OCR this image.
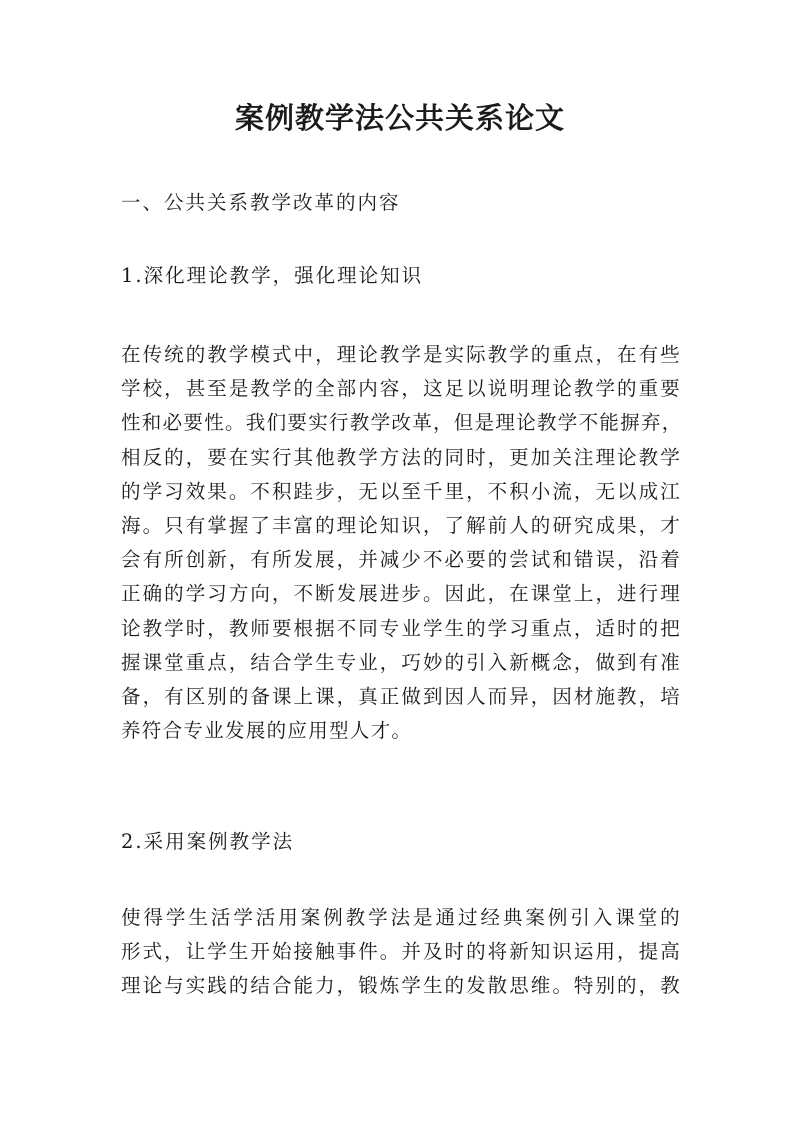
案例教学法公共关系论文
一、公共关系教学改革的内容
1.深化理论教学，强化理论知识
在传统的教学模式中，理论教学是实际教学的重点，在有些
学校，甚至是教学的全部内容，这足以说明理论教学的重要
性和必要性。我们要实行教学改革，但是理论教学不能摒弃，
相反的，要在实行其他教学方法的同时，更加关注理论教学
的学习效果。不积跬步，无以至千里，不积小流，无以成江
海。只有掌握了丰富的理论知识，了解前人的研究成果，才
会有所创新，有所发展，并减少不必要的尝试和错误，沿着
正确的学习方向，不断发展进步。因此，在课堂上，进行理
论教学时，教师要根据不同专业学生的学习重点，适时的把
握课堂重点，结合学生专业，巧妙的引入新概念，做到有准
备，有区别的备课上课，真正做到因人而异，因材施教，培
养符合专业发展的应用型人才。
2.采用案例教学法
使得学生活学活用案例教学法是通过经典案例引入课堂的
形式，让学生开始接触事件。并及时的将新知识运用，提高
理论与实践的结合能力，锻炼学生的发散思维。特别的，教
